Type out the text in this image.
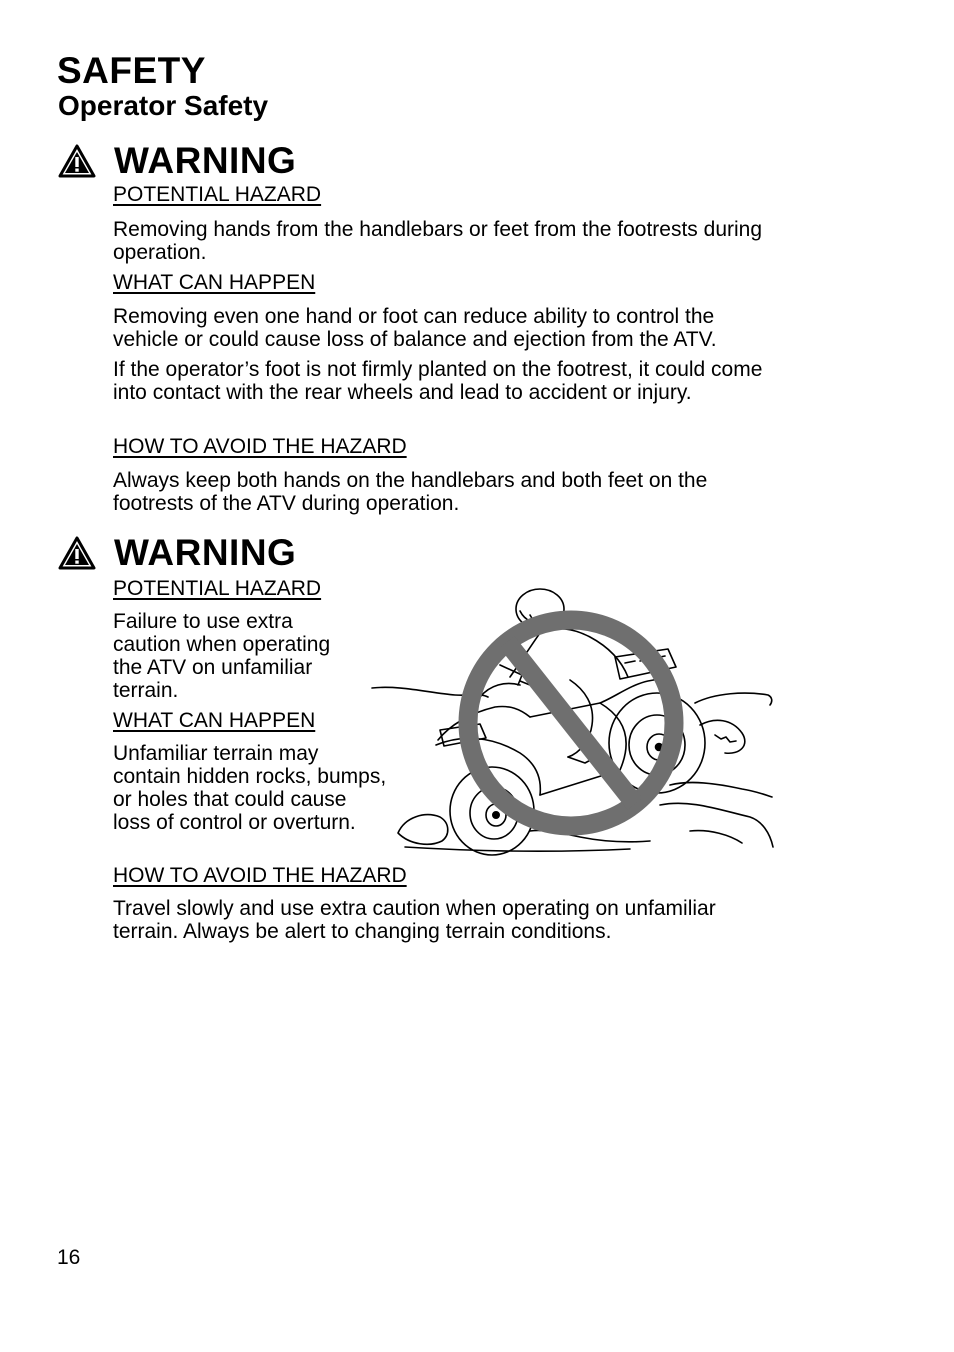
SAFETY
Operator Safety
WARNING
POTENTIAL HAZARD
Removing hands from the handlebars or feet from the footrests during operation.
WHAT CAN HAPPEN
Removing even one hand or foot can reduce ability to control the vehicle or could cause loss of balance and ejection from the ATV.
If the operator’s foot is not firmly planted on the footrest, it could come into contact with the rear wheels and lead to accident or injury.
HOW TO AVOID THE HAZARD
Always keep both hands on the handlebars and both feet on the footrests of the ATV during operation.
WARNING
POTENTIAL HAZARD
Failure to use extra caution when operating the ATV on unfamiliar terrain.
WHAT CAN HAPPEN
Unfamiliar terrain may contain hidden rocks, bumps, or holes that could cause loss of control or overturn.
HOW TO AVOID THE HAZARD
Travel slowly and use extra caution when operating on unfamiliar terrain. Always be alert to changing terrain conditions.
16
